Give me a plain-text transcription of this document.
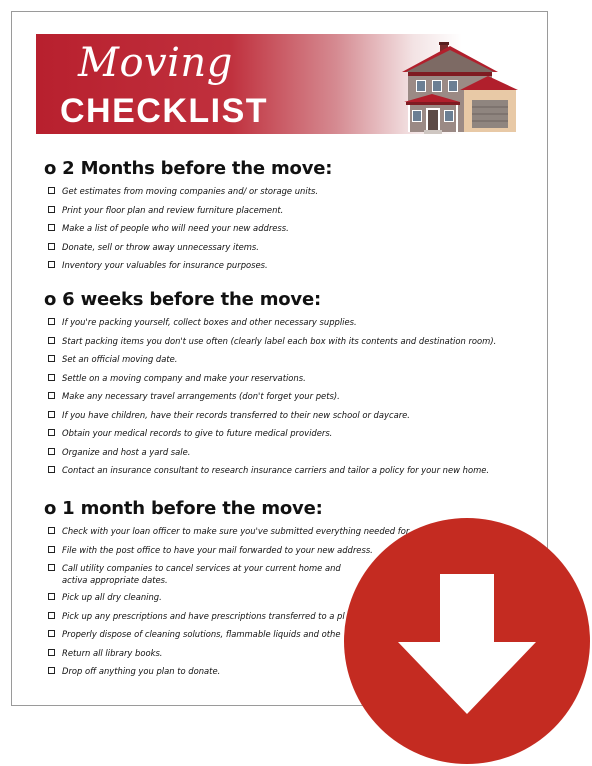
Moving
CHECKLIST
o 2 Months before the move:
Get estimates from moving companies and/ or storage units.
Print your floor plan and review furniture placement.
Make a list of people who will need your new address.
Donate, sell or throw away unnecessary items.
Inventory your valuables for insurance purposes.
o 6 weeks before the move:
If you're packing yourself, collect boxes and other necessary supplies.
Start packing items you don't use often (clearly label each box with its contents and destination room).
Set an official moving date.
Settle on a moving company and make your reservations.
Make any necessary travel arrangements (don't forget your pets).
If you have children, have their records transferred to their new school or daycare.
Obtain your medical records to give to future medical providers.
Organize and host a yard sale.
Contact an insurance consultant to research insurance carriers and tailor a policy for your new home.
o 1 month before the move:
Check with your loan officer to make sure you've submitted everything needed for
File with the post office to have your mail forwarded to your new address.
Call utility companies to cancel services at your current home and activa appropriate dates.
Pick up all dry cleaning.
Pick up any prescriptions and have prescriptions transferred to a pl
Properly dispose of cleaning solutions, flammable liquids and othe
Return all library books.
Drop off anything you plan to donate.
